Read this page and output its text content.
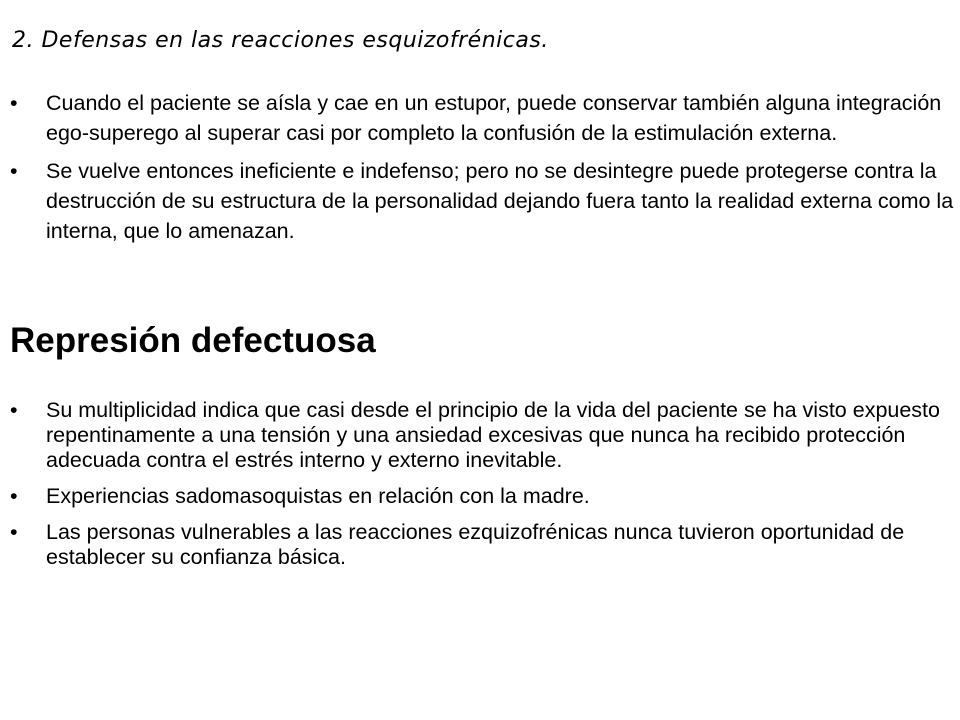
2. Defensas en las reacciones esquizofrénicas.
• Cuando el paciente se aísla y cae en un estupor, puede conservar también alguna integración ego-superego al superar casi por completo la confusión de la estimulación externa.
• Se vuelve entonces ineficiente e indefenso; pero no se desintegre puede protegerse contra la destrucción de su estructura de la personalidad dejando fuera tanto la realidad externa como la interna, que lo amenazan.
Represión defectuosa
• Su multiplicidad indica que casi desde el principio de la vida del paciente se ha visto expuesto repentinamente a una tensión y una ansiedad excesivas que nunca ha recibido protección adecuada contra el estrés interno y externo inevitable.
• Experiencias sadomasoquistas en relación con la madre.
• Las personas vulnerables a las reacciones ezquizofrénicas nunca tuvieron oportunidad de establecer su confianza básica.
